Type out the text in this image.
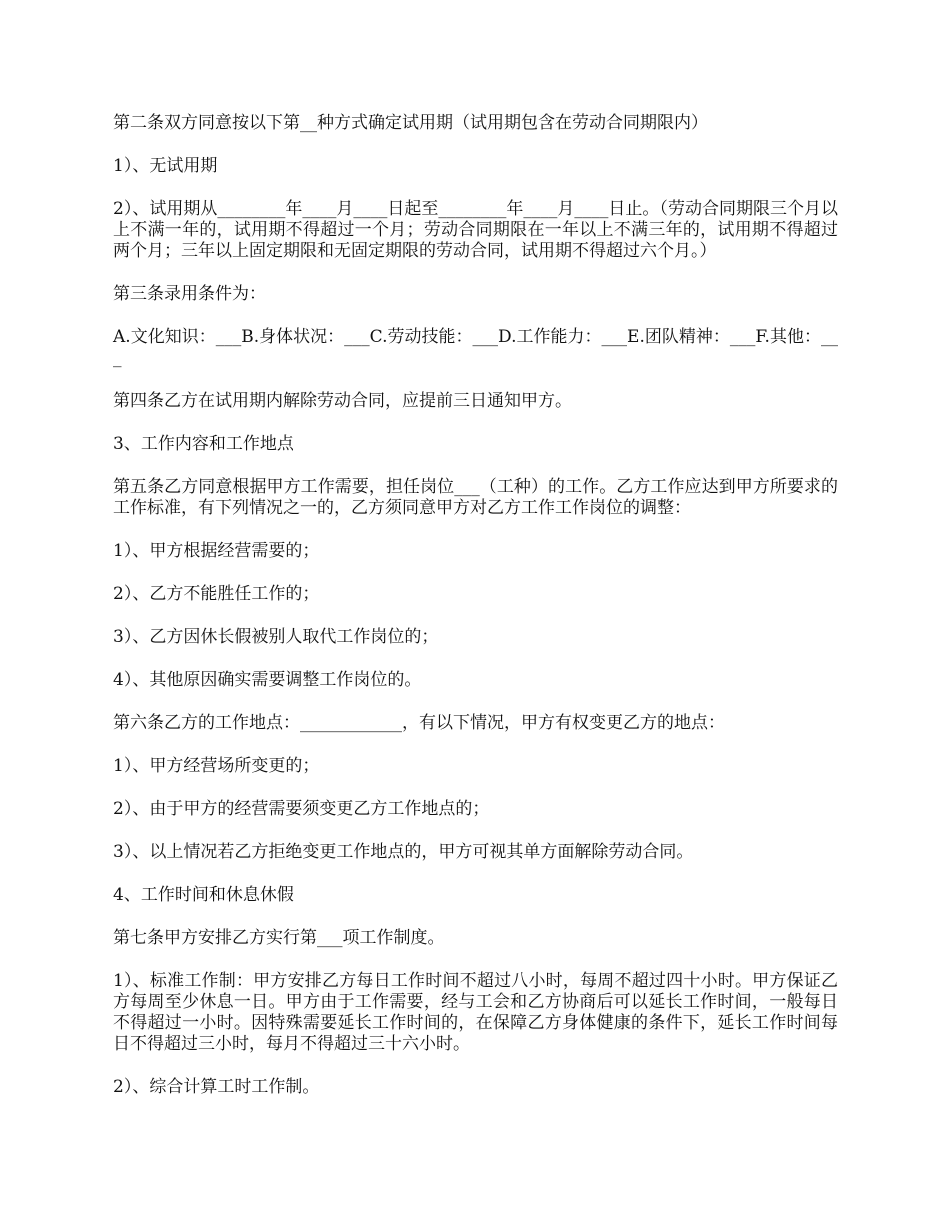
第二条双方同意按以下第__种方式确定试用期（试用期包含在劳动合同期限内）

1）、无试用期

2）、试用期从________年____月____日起至________年____月____日止。（劳动合同期限三个月以上不满一年的，试用期不得超过一个月；劳动合同期限在一年以上不满三年的，试用期不得超过两个月；三年以上固定期限和无固定期限的劳动合同，试用期不得超过六个月。）

第三条录用条件为：

A.文化知识：___B.身体状况：___C.劳动技能：___D.工作能力：___E.团队精神：___F.其他：___

第四条乙方在试用期内解除劳动合同，应提前三日通知甲方。

3、工作内容和工作地点

第五条乙方同意根据甲方工作需要，担任岗位___（工种）的工作。乙方工作应达到甲方所要求的工作标准，有下列情况之一的，乙方须同意甲方对乙方工作工作岗位的调整：

1）、甲方根据经营需要的；

2）、乙方不能胜任工作的；

3）、乙方因休长假被别人取代工作岗位的；

4）、其他原因确实需要调整工作岗位的。

第六条乙方的工作地点：____________，有以下情况，甲方有权变更乙方的地点：

1）、甲方经营场所变更的；

2）、由于甲方的经营需要须变更乙方工作地点的；

3）、以上情况若乙方拒绝变更工作地点的，甲方可视其单方面解除劳动合同。

4、工作时间和休息休假

第七条甲方安排乙方实行第___项工作制度。

1）、标准工作制：甲方安排乙方每日工作时间不超过八小时，每周不超过四十小时。甲方保证乙方每周至少休息一日。甲方由于工作需要，经与工会和乙方协商后可以延长工作时间，一般每日不得超过一小时。因特殊需要延长工作时间的，在保障乙方身体健康的条件下，延长工作时间每日不得超过三小时，每月不得超过三十六小时。

2）、综合计算工时工作制。
